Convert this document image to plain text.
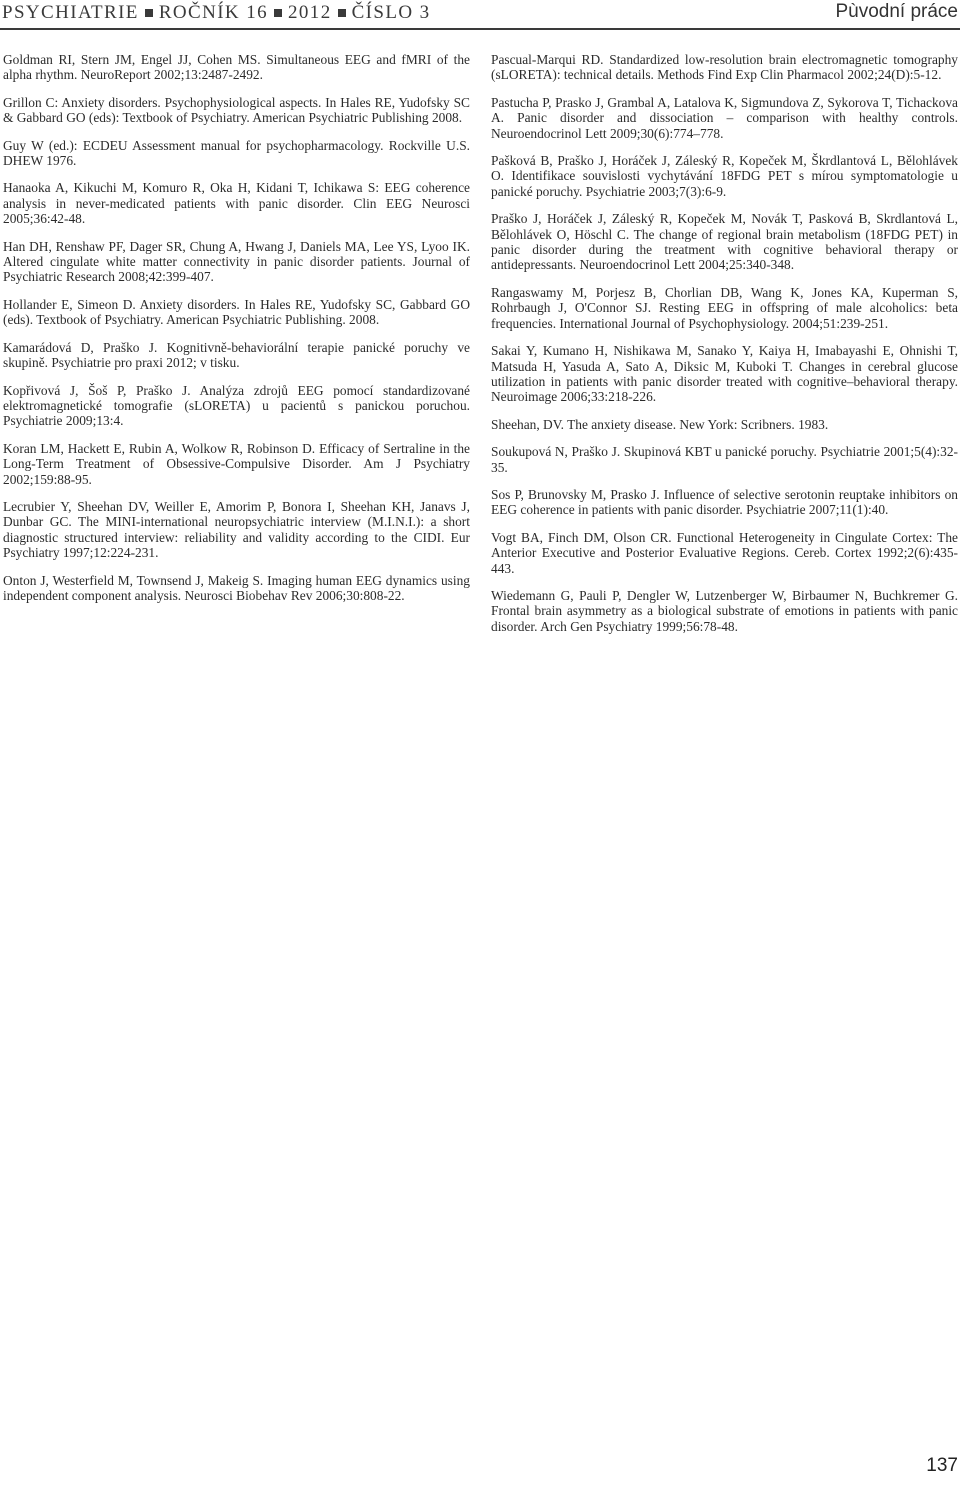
PSYCHIATRIE ROČNÍK 16 2012 ČÍSLO 3	Pùvodní práce

Goldman RI, Stern JM, Engel JJ, Cohen MS. Simultaneous EEG and fMRI of the alpha rhythm. NeuroReport 2002;13:2487-2492.

Grillon C: Anxiety disorders. Psychophysiological aspects. In Hales RE, Yudofsky SC & Gabbard GO (eds): Textbook of Psychiatry. American Psychiatric Publishing 2008.

Guy W (ed.): ECDEU Assessment manual for psychopharmacology. Rockville U.S. DHEW 1976.

Hanaoka A, Kikuchi M, Komuro R, Oka H, Kidani T, Ichikawa S: EEG coherence analysis in never-medicated patients with panic disorder. Clin EEG Neurosci 2005;36:42-48.

Han DH, Renshaw PF, Dager SR, Chung A, Hwang J, Daniels MA, Lee YS, Lyoo IK. Altered cingulate white matter connectivity in panic disorder patients. Journal of Psychiatric Research 2008;42:399-407.

Hollander E, Simeon D. Anxiety disorders. In Hales RE, Yudofsky SC, Gabbard GO (eds). Textbook of Psychiatry. American Psychiatric Publishing. 2008.

Kamarádová D, Praško J. Kognitivně-behaviorální terapie panické poruchy ve skupině. Psychiatrie pro praxi 2012; v tisku.

Kopřivová J, Šoš P, Praško J. Analýza zdrojů EEG pomocí standardizované elektromagnetické tomografie (sLORETA) u pacientů s panickou poruchou. Psychiatrie 2009;13:4.

Koran LM, Hackett E, Rubin A, Wolkow R, Robinson D. Efficacy of Sertraline in the Long-Term Treatment of Obsessive-Compulsive Disorder. Am J Psychiatry 2002;159:88-95.

Lecrubier Y, Sheehan DV, Weiller E, Amorim P, Bonora I, Sheehan KH, Janavs J, Dunbar GC. The MINI-international neuropsychiatric interview (M.I.N.I.): a short diagnostic structured interview: reliability and validity according to the CIDI. Eur Psychiatry 1997;12:224-231.

Onton J, Westerfield M, Townsend J, Makeig S. Imaging human EEG dynamics using independent component analysis. Neurosci Biobehav Rev 2006;30:808-22.

Pascual-Marqui RD. Standardized low-resolution brain electromagnetic tomography (sLORETA): technical details. Methods Find Exp Clin Pharmacol 2002;24(D):5-12.

Pastucha P, Prasko J, Grambal A, Latalova K, Sigmundova Z, Sykorova T, Tichackova A. Panic disorder and dissociation – comparison with healthy controls. Neuroendocrinol Lett 2009;30(6):774–778.

Pašková B, Praško J, Horáček J, Záleský R, Kopeček M, Škrdlantová L, Bělohlávek O. Identifikace souvislosti vychytávání 18FDG PET s mírou symptomatologie u panické poruchy. Psychiatrie 2003;7(3):6-9.

Praško J, Horáček J, Záleský R, Kopeček M, Novák T, Pasková B, Skrdlantová L, Bělohlávek O, Höschl C. The change of regional brain metabolism (18FDG PET) in panic disorder during the treatment with cognitive behavioral therapy or antidepressants. Neuroendocrinol Lett 2004;25:340-348.

Rangaswamy M, Porjesz B, Chorlian DB, Wang K, Jones KA, Kuperman S, Rohrbaugh J, O'Connor SJ. Resting EEG in offspring of male alcoholics: beta frequencies. International Journal of Psychophysiology. 2004;51:239-251.

Sakai Y, Kumano H, Nishikawa M, Sanako Y, Kaiya H, Imabayashi E, Ohnishi T, Matsuda H, Yasuda A, Sato A, Diksic M, Kuboki T. Changes in cerebral glucose utilization in patients with panic disorder treated with cognitive–behavioral therapy. Neuroimage 2006;33:218-226.

Sheehan, DV. The anxiety disease. New York: Scribners. 1983.

Soukupová N, Praško J. Skupinová KBT u panické poruchy. Psychiatrie 2001;5(4):32-35.

Sos P, Brunovsky M, Prasko J. Influence of selective serotonin reuptake inhibitors on EEG coherence in patients with panic disorder. Psychiatrie 2007;11(1):40.

Vogt BA, Finch DM, Olson CR. Functional Heterogeneity in Cingulate Cortex: The Anterior Executive and Posterior Evaluative Regions. Cereb. Cortex 1992;2(6):435-443.

Wiedemann G, Pauli P, Dengler W, Lutzenberger W, Birbaumer N, Buchkremer G. Frontal brain asymmetry as a biological substrate of emotions in patients with panic disorder. Arch Gen Psychiatry 1999;56:78-48.

137
